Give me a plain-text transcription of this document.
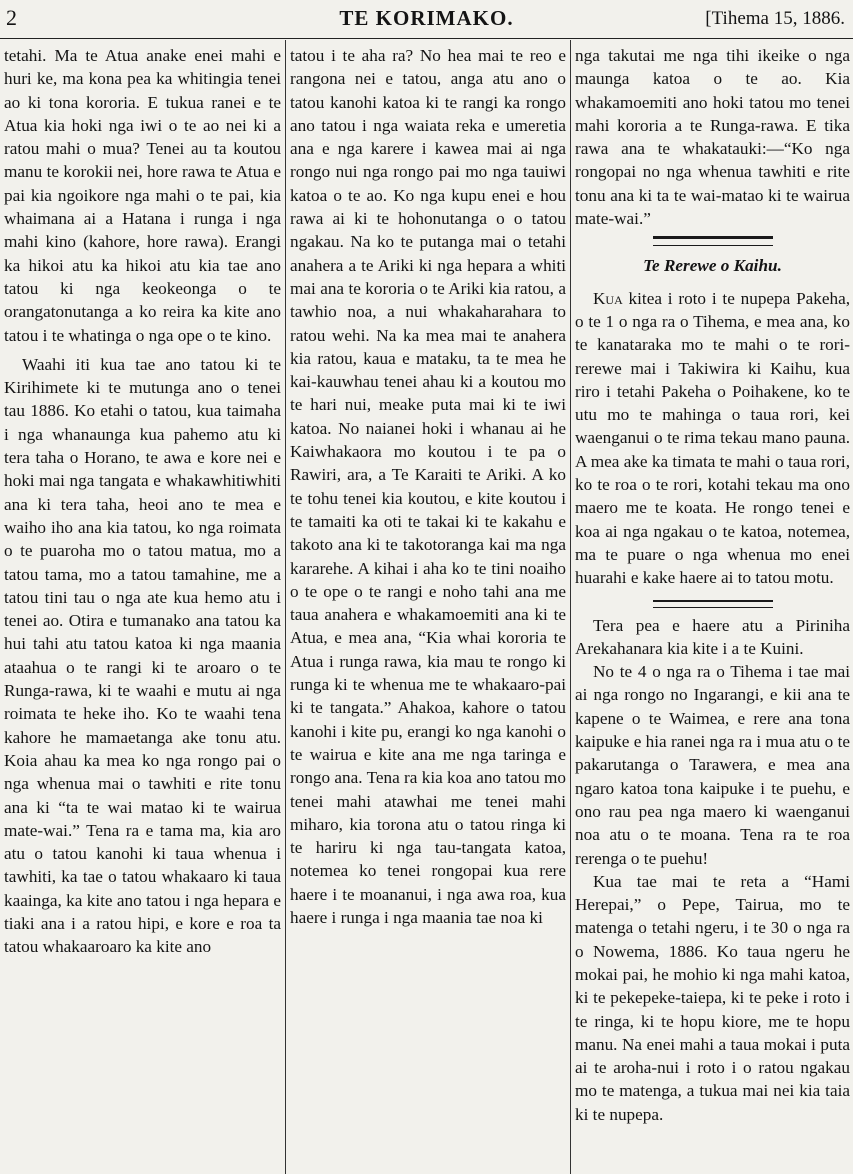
2	TE KORIMAKO.	[Tihema 15, 1886.

tetahi. Ma te Atua anake enei mahi e huri ke, ma kona pea ka whitingia tenei ao ki tona kororia. E tukua ranei e te Atua kia hoki nga iwi o te ao nei ki a ratou mahi o mua? Tenei au ta koutou manu te korokii nei, hore rawa te Atua e pai kia ngoikore nga mahi o te pai, kia whaimana ai a Hatana i runga i nga mahi kino (kahore, hore rawa). Erangi ka hikoi atu ka hikoi atu kia tae ano tatou ki nga keokeonga o te orangatonutanga a ko reira ka kite ano tatou i te whatinga o nga ope o te kino.

Waahi iti kua tae ano tatou ki te Kirihimete ki te mutunga ano o tenei tau 1886. Ko etahi o tatou, kua taimaha i nga whanaunga kua pahemo atu ki tera taha o Horano, te awa e kore nei e hoki mai nga tangata e whakawhitiwhiti ana ki tera taha, heoi ano te mea e waiho iho ana kia tatou, ko nga roimata o te puaroha mo o tatou matua, mo a tatou tama, mo a tatou tamahine, me a tatou tini tau o nga ate kua hemo atu i tenei ao. Otira e tumanako ana tatou ka hui tahi atu tatou katoa ki nga maania ataahua o te rangi ki te aroaro o te Runga-rawa, ki te waahi e mutu ai nga roimata te heke iho. Ko te waahi tena kahore he mamaetanga ake tonu atu. Koia ahau ka mea ko nga rongo pai o nga whenua mai o tawhiti e rite tonu ana ki “ta te wai matao ki te wairua mate-wai.” Tena ra e tama ma, kia aro atu o tatou kanohi ki taua whenua i tawhiti, ka tae o tatou whakaaro ki taua kaainga, ka kite ano tatou i nga hepara e tiaki ana i a ratou hipi, e kore e roa ta tatou whakaaroaro ka kite ano

tatou i te aha ra? No hea mai te reo e rangona nei e tatou, anga atu ano o tatou kanohi katoa ki te rangi ka rongo ano tatou i nga waiata reka e umeretia ana e nga karere i kawea mai ai nga rongo nui nga rongo pai mo nga tauiwi katoa o te ao. Ko nga kupu enei e hou rawa ai ki te hohonutanga o o tatou ngakau. Na ko te putanga mai o tetahi anahera a te Ariki ki nga hepara a whiti mai ana te kororia o te Ariki kia ratou, a tawhio noa, a nui whakaharahara to ratou wehi. Na ka mea mai te anahera kia ratou, kaua e mataku, ta te mea he kai-kauwhau tenei ahau ki a koutou mo te hari nui, meake puta mai ki te iwi katoa. No naianei hoki i whanau ai he Kaiwhakaora mo koutou i te pa o Rawiri, ara, a Te Karaiti te Ariki. A ko te tohu tenei kia koutou, e kite koutou i te tamaiti ka oti te takai ki te kakahu e takoto ana ki te takotoranga kai ma nga kararehe. A kihai i aha ko te tini noaiho o te ope o te rangi e noho tahi ana me taua anahera e whakamoemiti ana ki te Atua, e mea ana, “Kia whai kororia te Atua i runga rawa, kia mau te rongo ki runga ki te whenua me te whakaaro-pai ki te tangata.” Ahakoa, kahore o tatou kanohi i kite pu, erangi ko nga kanohi o te wairua e kite ana me nga taringa e rongo ana. Tena ra kia koa ano tatou mo tenei mahi atawhai me tenei mahi miharo, kia torona atu o tatou ringa ki te hariru ki nga tau-tangata katoa, notemea ko tenei rongopai kua rere haere i te moananui, i nga awa roa, kua haere i runga i nga maania tae noa ki

nga takutai me nga tihi ikeike o nga maunga katoa o te ao. Kia whakamoemiti ano hoki tatou mo tenei mahi kororia a te Runga-rawa. E tika rawa ana te whakatauki:—“Ko nga rongopai no nga whenua tawhiti e rite tonu ana ki ta te wai-matao ki te wairua mate-wai.”

Te Rerewe o Kaihu.

Kua kitea i roto i te nupepa Pakeha, o te 1 o nga ra o Tihema, e mea ana, ko te kanataraka mo te mahi o te rori-rerewe mai i Takiwira ki Kaihu, kua riro i tetahi Pakeha o Poihakene, ko te utu mo te mahinga o taua rori, kei waenganui o te rima tekau mano pauna. A mea ake ka timata te mahi o taua rori, ko te roa o te rori, kotahi tekau ma ono maero me te koata. He rongo tenei e koa ai nga ngakau o te katoa, notemea, ma te puare o nga whenua mo enei huarahi e kake haere ai to tatou motu.

Tera pea e haere atu a Piriniha Arekahanara kia kite i a te Kuini.

No te 4 o nga ra o Tihema i tae mai ai nga rongo no Ingarangi, e kii ana te kapene o te Waimea, e rere ana tona kaipuke e hia ranei nga ra i mua atu o te pakarutanga o Tarawera, e mea ana ngaro katoa tona kaipuke i te puehu, e ono rau pea nga maero ki waenganui noa atu o te moana. Tena ra te roa rerenga o te puehu!

Kua tae mai te reta a “Hami Herepai,” o Pepe, Tairua, mo te matenga o tetahi ngeru, i te 30 o nga ra o Nowema, 1886. Ko taua ngeru he mokai pai, he mohio ki nga mahi katoa, ki te pekepeke-taiepa, ki te peke i roto i te ringa, ki te hopu kiore, me te hopu manu. Na enei mahi a taua mokai i puta ai te aroha-nui i roto i o ratou ngakau mo te matenga, a tukua mai nei kia taia ki te nupepa.
